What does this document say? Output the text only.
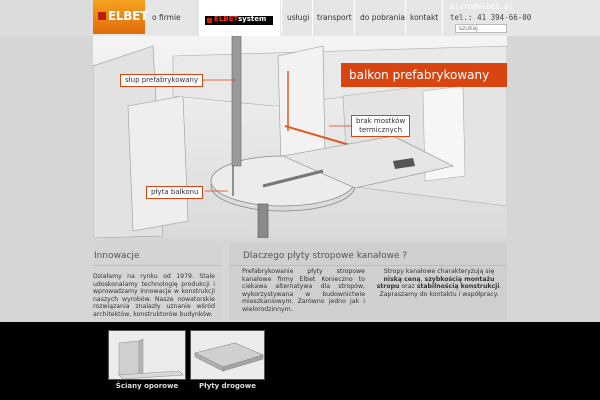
ELBET o firmie	ELBET system	usługi transport do pobrania kontakt
biuro@elbet.pl
tel.: 41 394-66-00
szukaj
balkon prefabrykowany
słup prefabrykowany
brak mostków
termicznych
płyta balkonu
Innowacje

Działamy na rynku od 1979. Stale udoskonalamy technologię produkcji i wprowadzamy innowacje w konstrukcji naszych wyrobów. Nasze nowatorskie rozwiązania znalazły uznanie wśród architektów, konstruktorów budynków.

Dlaczego płyty stropowe kanałowe ?
Prefabrykowanie płyty stropowe kanałowe firmy Elbet Konieczno to ciekawa alternatywa dla stropów, wykorzystywana w budownictwie mieszkaniowym. Zarówno jedno jak i wielorodzinnym.
Stropy kanałowe charakteryzują się niską ceną, szybkością montażu stropu oraz stabilnością konstrukcji. Zapraszamy do kontaktu i współpracy.
Ściany oporowe	Płyty drogowe
